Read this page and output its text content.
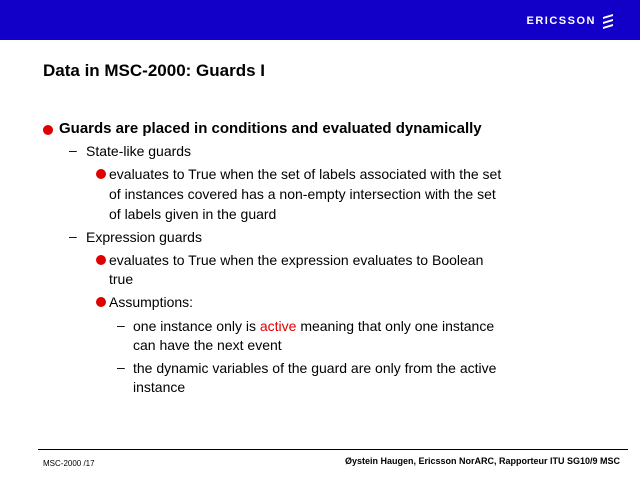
ERICSSON
Data in MSC-2000: Guards I
Guards are placed in conditions and evaluated dynamically
– State-like guards
evaluates to True when the set of labels associated with the set
of instances covered has a non-empty intersection with the set
of labels given in the guard
– Expression guards
evaluates to True when the expression evaluates to Boolean
true
Assumptions:
– one instance only is active meaning that only one instance
can have the next event
– the dynamic variables of the guard are only from the active
instance
MSC-2000 /17	Øystein Haugen, Ericsson NorARC, Rapporteur ITU SG10/9 MSC
